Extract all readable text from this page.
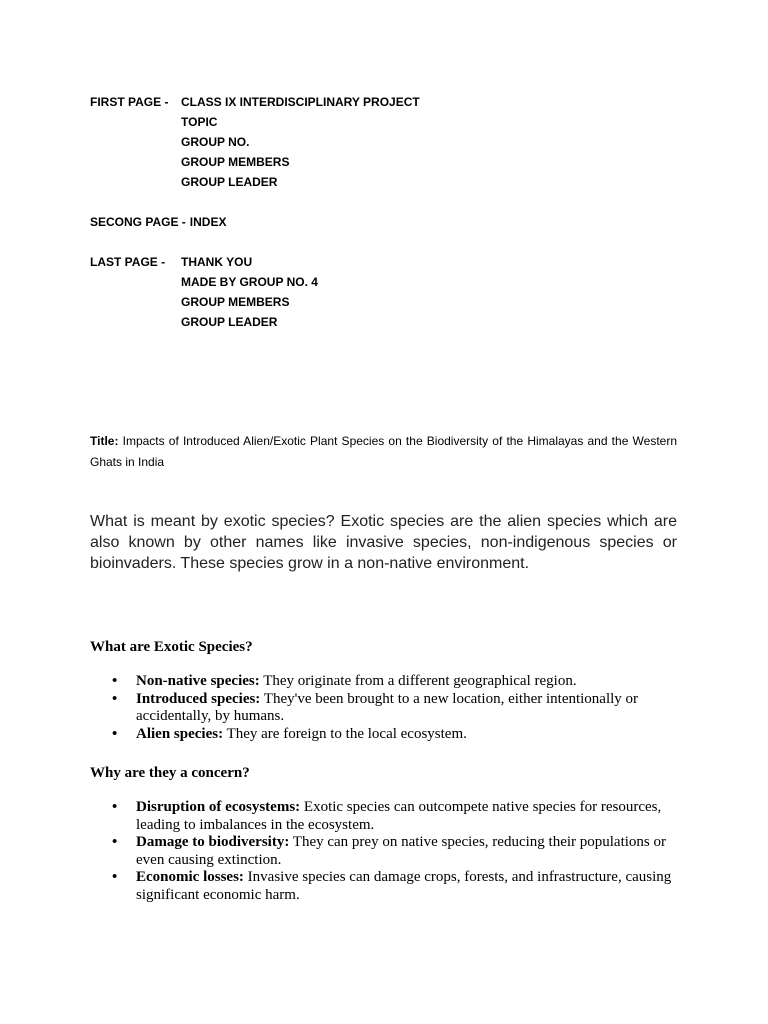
FIRST PAGE -	CLASS IX INTERDISCIPLINARY PROJECT
TOPIC
GROUP NO.
GROUP MEMBERS
GROUP LEADER
SECONG PAGE - INDEX
LAST PAGE -	THANK YOU
MADE BY GROUP NO. 4
GROUP MEMBERS
GROUP LEADER

Title: Impacts of Introduced Alien/Exotic Plant Species on the Biodiversity of the Himalayas and the Western Ghats in India

What is meant by exotic species? Exotic species are the alien species which are also known by other names like invasive species, non-indigenous species or bioinvaders. These species grow in a non-native environment.

What are Exotic Species?
• Non-native species: They originate from a different geographical region.
• Introduced species: They've been brought to a new location, either intentionally or accidentally, by humans.
• Alien species: They are foreign to the local ecosystem.
Why are they a concern?
• Disruption of ecosystems: Exotic species can outcompete native species for resources, leading to imbalances in the ecosystem.
• Damage to biodiversity: They can prey on native species, reducing their populations or even causing extinction.
• Economic losses: Invasive species can damage crops, forests, and infrastructure, causing significant economic harm.
